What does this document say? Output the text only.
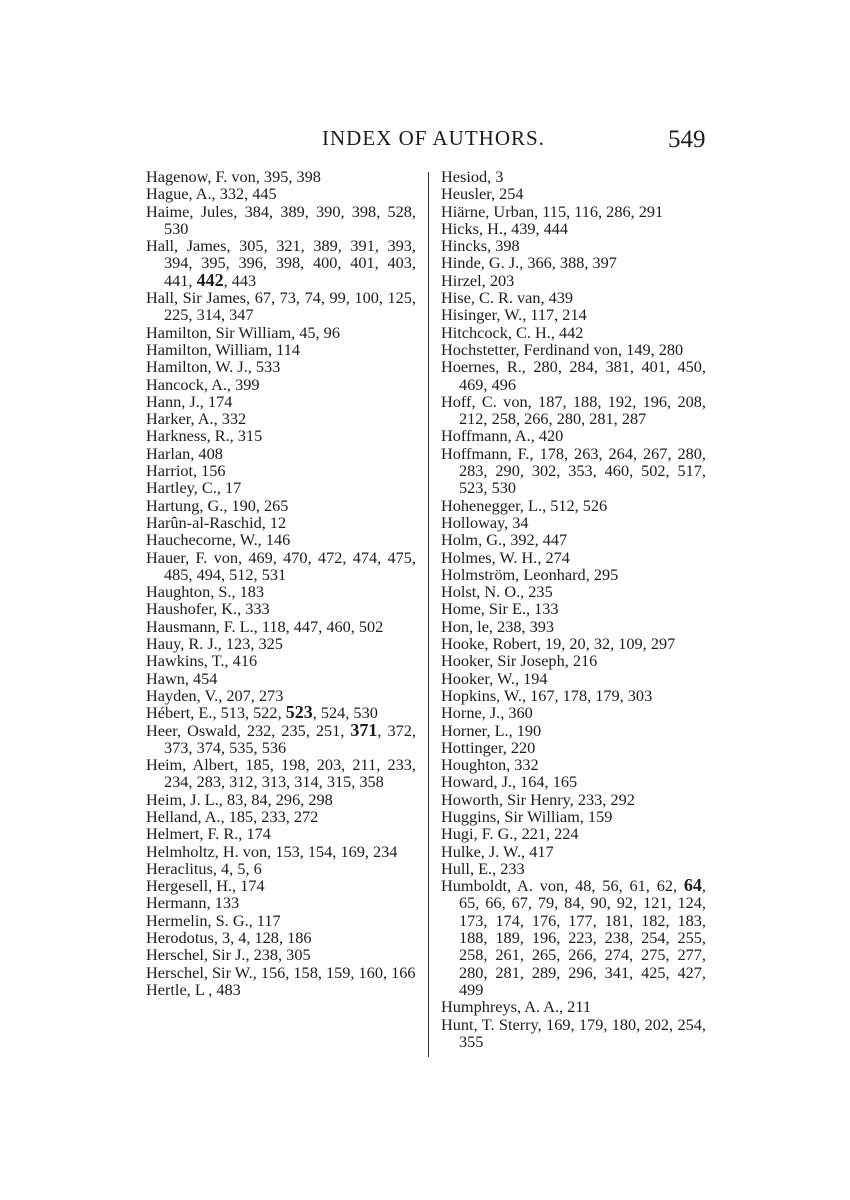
INDEX OF AUTHORS.	549

Hagenow, F. von, 395, 398

Hague, A., 332, 445

Haime, Jules, 384, 389, 390, 398, 528, 530

Hall, James, 305, 321, 389, 391, 393, 394, 395, 396, 398, 400, 401, 403, 441, 442, 443

Hall, Sir James, 67, 73, 74, 99, 100, 125, 225, 314, 347

Hamilton, Sir William, 45, 96

Hamilton, William, 114

Hamilton, W. J., 533

Hancock, A., 399

Hann, J., 174

Harker, A., 332

Harkness, R., 315

Harlan, 408

Harriot, 156

Hartley, C., 17

Hartung, G., 190, 265

Harûn-al-Raschid, 12

Hauchecorne, W., 146

Hauer, F. von, 469, 470, 472, 474, 475, 485, 494, 512, 531

Haughton, S., 183

Haushofer, K., 333

Hausmann, F. L., 118, 447, 460, 502

Hauy, R. J., 123, 325

Hawkins, T., 416

Hawn, 454

Hayden, V., 207, 273

Hébert, E., 513, 522, 523, 524, 530

Heer, Oswald, 232, 235, 251, 371, 372, 373, 374, 535, 536

Heim, Albert, 185, 198, 203, 211, 233, 234, 283, 312, 313, 314, 315, 358

Heim, J. L., 83, 84, 296, 298

Helland, A., 185, 233, 272

Helmert, F. R., 174

Helmholtz, H. von, 153, 154, 169, 234

Heraclitus, 4, 5, 6

Hergesell, H., 174

Hermann, 133

Hermelin, S. G., 117

Herodotus, 3, 4, 128, 186

Herschel, Sir J., 238, 305

Herschel, Sir W., 156, 158, 159, 160, 166

Hertle, L , 483

Hesiod, 3

Heusler, 254

Hiärne, Urban, 115, 116, 286, 291

Hicks, H., 439, 444

Hincks, 398

Hinde, G. J., 366, 388, 397

Hirzel, 203

Hise, C. R. van, 439

Hisinger, W., 117, 214

Hitchcock, C. H., 442

Hochstetter, Ferdinand von, 149, 280

Hoernes, R., 280, 284, 381, 401, 450, 469, 496

Hoff, C. von, 187, 188, 192, 196, 208, 212, 258, 266, 280, 281, 287

Hoffmann, A., 420

Hoffmann, F., 178, 263, 264, 267, 280, 283, 290, 302, 353, 460, 502, 517, 523, 530

Hohenegger, L., 512, 526

Holloway, 34

Holm, G., 392, 447

Holmes, W. H., 274

Holmström, Leonhard, 295

Holst, N. O., 235

Home, Sir E., 133

Hon, le, 238, 393

Hooke, Robert, 19, 20, 32, 109, 297

Hooker, Sir Joseph, 216

Hooker, W., 194

Hopkins, W., 167, 178, 179, 303

Horne, J., 360

Horner, L., 190

Hottinger, 220

Houghton, 332

Howard, J., 164, 165

Howorth, Sir Henry, 233, 292

Huggins, Sir William, 159

Hugi, F. G., 221, 224

Hulke, J. W., 417

Hull, E., 233

Humboldt, A. von, 48, 56, 61, 62, 64, 65, 66, 67, 79, 84, 90, 92, 121, 124, 173, 174, 176, 177, 181, 182, 183, 188, 189, 196, 223, 238, 254, 255, 258, 261, 265, 266, 274, 275, 277, 280, 281, 289, 296, 341, 425, 427, 499

Humphreys, A. A., 211

Hunt, T. Sterry, 169, 179, 180, 202, 254, 355
